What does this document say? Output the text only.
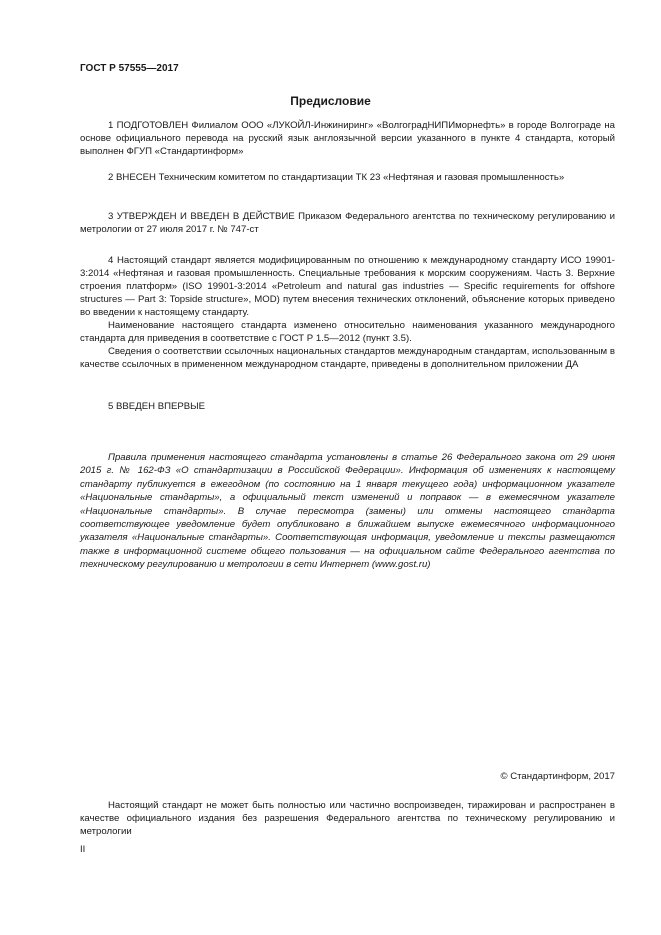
ГОСТ Р 57555—2017
Предисловие

1 ПОДГОТОВЛЕН Филиалом ООО «ЛУКОЙЛ-Инжиниринг» «ВолгоградНИПИморнефть» в городе Волгограде на основе официального перевода на русский язык англоязычной версии указанного в пункте 4 стандарта, который выполнен ФГУП «Стандартинформ»

2 ВНЕСЕН Техническим комитетом по стандартизации ТК 23 «Нефтяная и газовая промышленность»

3 УТВЕРЖДЕН И ВВЕДЕН В ДЕЙСТВИЕ Приказом Федерального агентства по техническому регулированию и метрологии от 27 июля 2017 г. № 747-ст

4 Настоящий стандарт является модифицированным по отношению к международному стандарту ИСО 19901-3:2014 «Нефтяная и газовая промышленность. Специальные требования к морским сооружениям. Часть 3. Верхние строения платформ» (ISO 19901-3:2014 «Petroleum and natural gas industries — Specific requirements for offshore structures — Part 3: Topside structure», MOD) путем внесения технических отклонений, объяснение которых приведено во введении к настоящему стандарту.

Наименование настоящего стандарта изменено относительно наименования указанного международного стандарта для приведения в соответствие с ГОСТ Р 1.5—2012 (пункт 3.5).

Сведения о соответствии ссылочных национальных стандартов международным стандартам, использованным в качестве ссылочных в примененном международном стандарте, приведены в дополнительном приложении ДА

5 ВВЕДЕН ВПЕРВЫЕ

Правила применения настоящего стандарта установлены в статье 26 Федерального закона от 29 июня 2015 г. № 162-ФЗ «О стандартизации в Российской Федерации». Информация об изменениях к настоящему стандарту публикуется в ежегодном (по состоянию на 1 января текущего года) информационном указателе «Национальные стандарты», а официальный текст изменений и поправок — в ежемесячном указателе «Национальные стандарты». В случае пересмотра (замены) или отмены настоящего стандарта соответствующее уведомление будет опубликовано в ближайшем выпуске ежемесячного информационного указателя «Национальные стандарты». Соответствующая информация, уведомление и тексты размещаются также в информационной системе общего пользования — на официальном сайте Федерального агентства по техническому регулированию и метрологии в сети Интернет (www.gost.ru)
© Стандартинформ, 2017
Настоящий стандарт не может быть полностью или частично воспроизведен, тиражирован и распространен в качестве официального издания без разрешения Федерального агентства по техническому регулированию и метрологии
II
